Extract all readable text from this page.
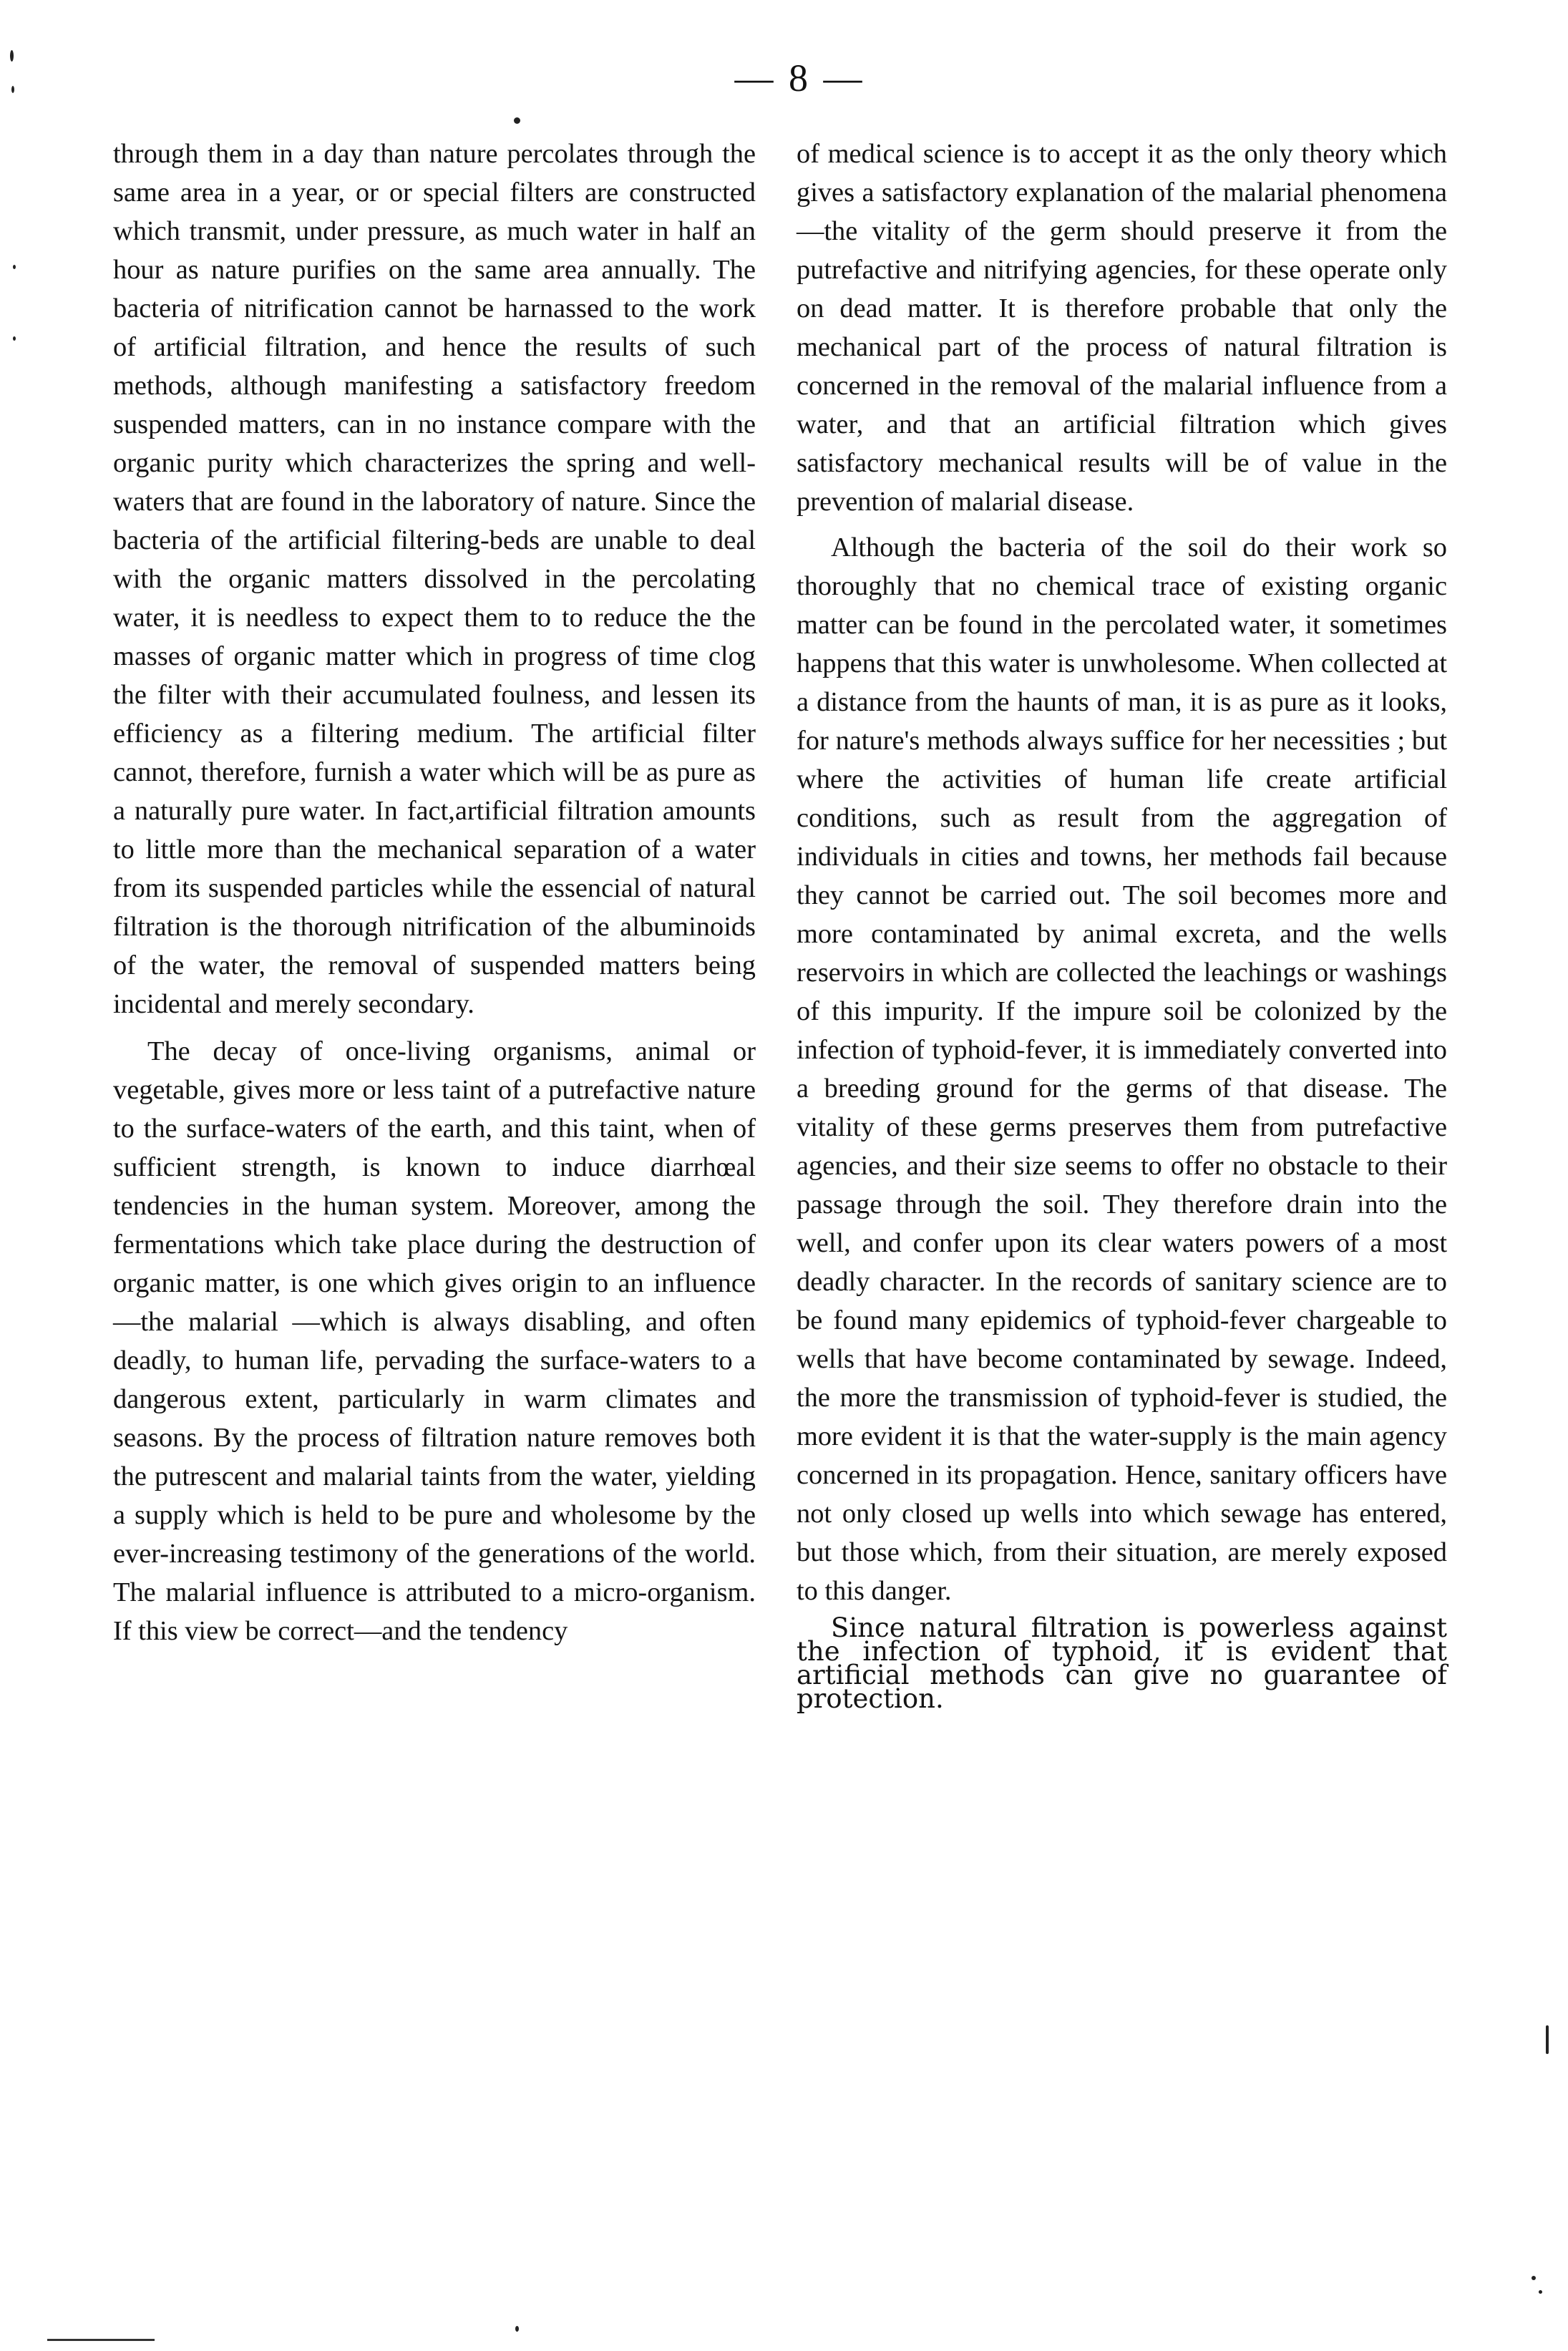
— 8 —

through them in a day than nature percolates through the same area in a year, or or special filters are constructed which transmit, under pressure, as much water in half an hour as nature purifies on the same area annually. The bacteria of nitrification cannot be harnassed to the work of artificial filtration, and hence the results of such methods, although manifesting a satisfactory freedom suspended matters, can in no instance compare with the organic purity which characterizes the spring and well-waters that are found in the laboratory of nature. Since the bacteria of the artificial filtering-beds are unable to deal with the organic matters dissolved in the percolating water, it is needless to expect them to to reduce the the masses of organic matter which in progress of time clog the filter with their accumulated foulness, and lessen its efficiency as a filtering medium. The artificial filter cannot, therefore, furnish a water which will be as pure as a naturally pure water. In fact,artificial filtration amounts to little more than the mechanical separation of a water from its suspended particles while the essencial of natural filtration is the thorough nitrification of the albuminoids of the water, the removal of suspended matters being incidental and merely secondary.

The decay of once-living organisms, animal or vegetable, gives more or less taint of a putrefactive nature to the surface-waters of the earth, and this taint, when of sufficient strength, is known to induce diarrhœal tendencies in the human system. Moreover, among the fermentations which take place during the destruction of organic matter, is one which gives origin to an influence—the malarial —which is always disabling, and often deadly, to human life, pervading the surface-waters to a dangerous extent, particularly in warm climates and seasons. By the process of filtration nature removes both the putrescent and malarial taints from the water, yielding a supply which is held to be pure and wholesome by the ever-increasing testimony of the generations of the world. The malarial influence is attributed to a micro-organism. If this view be correct—and the tendency

of medical science is to accept it as the only theory which gives a satisfactory explanation of the malarial phenomena—the vitality of the germ should preserve it from the putrefactive and nitrifying agencies, for these operate only on dead matter. It is therefore probable that only the mechanical part of the process of natural filtration is concerned in the removal of the malarial influence from a water, and that an artificial filtration which gives satisfactory mechanical results will be of value in the prevention of malarial disease.

Although the bacteria of the soil do their work so thoroughly that no chemical trace of existing organic matter can be found in the percolated water, it sometimes happens that this water is unwholesome. When collected at a distance from the haunts of man, it is as pure as it looks, for nature's methods always suffice for her necessities ; but where the activities of human life create artificial conditions, such as result from the aggregation of individuals in cities and towns, her methods fail because they cannot be carried out. The soil becomes more and more contaminated by animal excreta, and the wells reservoirs in which are collected the leachings or washings of this impurity. If the impure soil be colonized by the infection of typhoid-fever, it is immediately converted into a breeding ground for the germs of that disease. The vitality of these germs preserves them from putrefactive agencies, and their size seems to offer no obstacle to their passage through the soil. They therefore drain into the well, and confer upon its clear waters powers of a most deadly character. In the records of sanitary science are to be found many epidemics of typhoid-fever chargeable to wells that have become contaminated by sewage. Indeed, the more the transmission of typhoid-fever is studied, the more evident it is that the water-supply is the main agency concerned in its propagation. Hence, sanitary officers have not only closed up wells into which sewage has entered, but those which, from their situation, are merely exposed to this danger.

Since natural filtration is powerless against the infection of typhoid, it is evident that artificial methods can give no guarantee of protection.
